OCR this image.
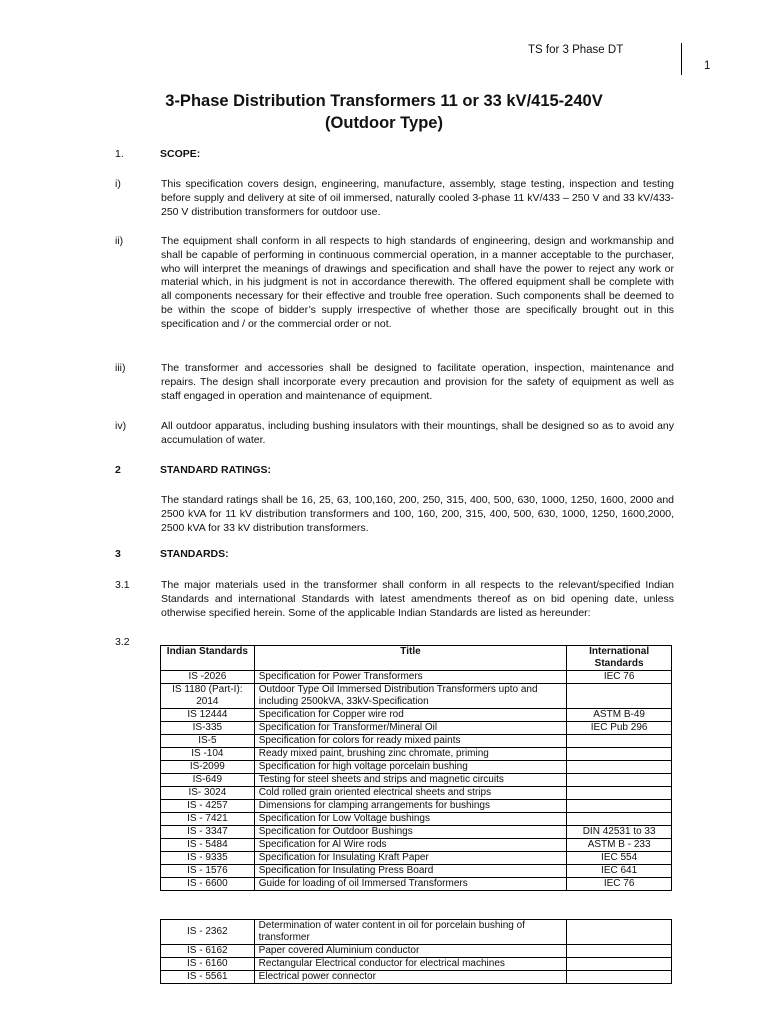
TS for 3 Phase DT
1
3-Phase Distribution Transformers 11 or 33 kV/415-240V
(Outdoor Type)
1.	SCOPE:
i)	This specification covers design, engineering, manufacture, assembly, stage testing, inspection and testing before supply and delivery at site of oil immersed, naturally cooled 3-phase 11 kV/433 – 250 V and 33 kV/433-250 V distribution transformers for outdoor use.

ii)	The equipment shall conform in all respects to high standards of engineering, design and workmanship and shall be capable of performing in continuous commercial operation, in a manner acceptable to the purchaser, who will interpret the meanings of drawings and specification and shall have the power to reject any work or material which, in his judgment is not in accordance therewith. The offered equipment shall be complete with all components necessary for their effective and trouble free operation. Such components shall be deemed to be within the scope of bidder’s supply irrespective of whether those are specifically brought out in this specification and / or the commercial order or not.

iii)	The transformer and accessories shall be designed to facilitate operation, inspection, maintenance and repairs. The design shall incorporate every precaution and provision for the safety of equipment as well as staff engaged in operation and maintenance of equipment.

iv)	All outdoor apparatus, including bushing insulators with their mountings, shall be designed so as to avoid any accumulation of water.

2	STANDARD RATINGS:

The standard ratings shall be 16, 25, 63, 100,160, 200, 250, 315, 400, 500, 630, 1000, 1250, 1600, 2000 and 2500 kVA for 11 kV distribution transformers and 100, 160, 200, 315, 400, 500, 630, 1000, 1250, 1600,2000, 2500 kVA for 33 kV distribution transformers.

3	STANDARDS:
3.1	The major materials used in the transformer shall conform in all respects to the relevant/specified Indian Standards and international Standards with latest amendments thereof as on bid opening date, unless otherwise specified herein. Some of the applicable Indian Standards are listed as hereunder:

3.2
Indian Standards	Title	International Standards
IS -2026	Specification for Power Transformers	IEC 76
IS 1180 (Part-I): 2014	Outdoor Type Oil Immersed Distribution Transformers upto and including 2500kVA, 33kV-Specification	
IS 12444	Specification for Copper wire rod	ASTM B-49
IS-335	Specification for Transformer/Mineral Oil	IEC Pub 296
IS-5	Specification for colors for ready mixed paints	
IS -104	Ready mixed paint, brushing zinc chromate, priming	
IS-2099	Specification for high voltage porcelain bushing	
IS-649	Testing for steel sheets and strips and magnetic circuits	
IS- 3024	Cold rolled grain oriented electrical sheets and strips	
IS - 4257	Dimensions for clamping arrangements for bushings	
IS - 7421	Specification for Low Voltage bushings	
IS - 3347	Specification for Outdoor Bushings	DIN 42531 to 33
IS - 5484	Specification for Al Wire rods	ASTM B - 233
IS - 9335	Specification for Insulating Kraft Paper	IEC 554
IS - 1576	Specification for Insulating Press Board	IEC 641
IS - 6600	Guide for loading of oil Immersed Transformers	IEC 76
IS - 2362	Determination of water content in oil for porcelain bushing of transformer	
IS - 6162	Paper covered Aluminium conductor	
IS - 6160	Rectangular Electrical conductor for electrical machines	
IS - 5561	Electrical power connector	
